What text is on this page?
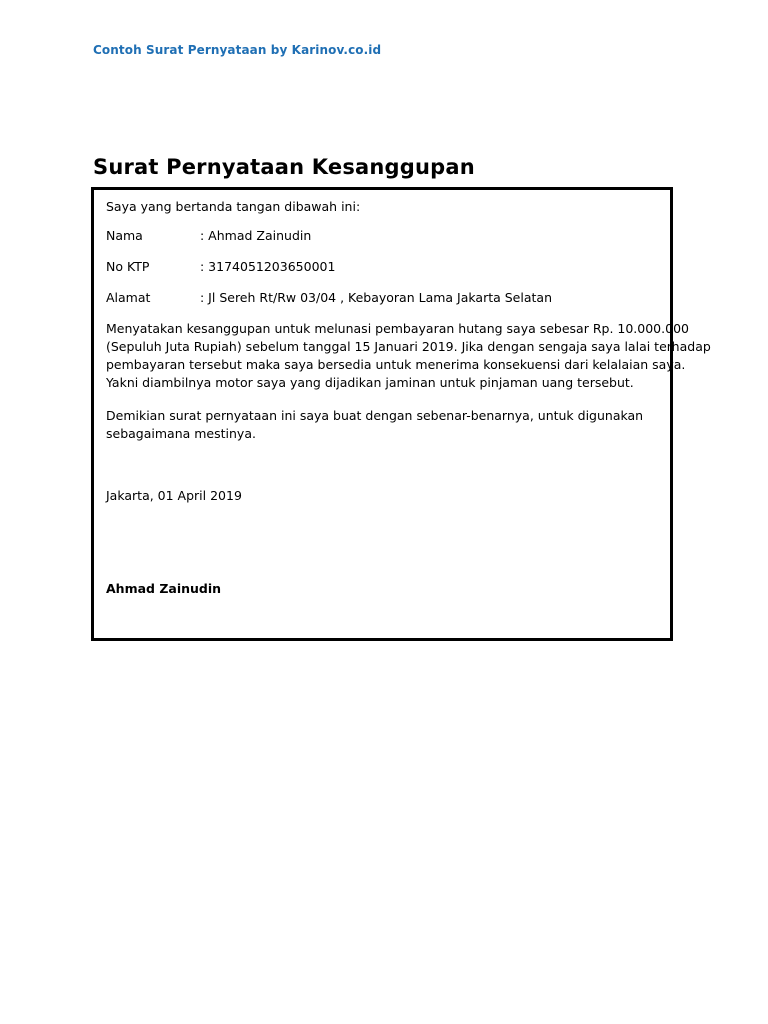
Contoh Surat Pernyataan by Karinov.co.id
Surat Pernyataan Kesanggupan
Saya yang bertanda tangan dibawah ini:
Nama	: Ahmad Zainudin
No KTP	: 3174051203650001
Alamat	: Jl Sereh Rt/Rw 03/04 , Kebayoran Lama Jakarta Selatan

Menyatakan kesanggupan untuk melunasi pembayaran hutang saya sebesar Rp. 10.000.000
(Sepuluh Juta Rupiah) sebelum tanggal 15 Januari 2019. Jika dengan sengaja saya lalai terhadap
pembayaran tersebut maka saya bersedia untuk menerima konsekuensi dari kelalaian saya.
Yakni diambilnya motor saya yang dijadikan jaminan untuk pinjaman uang tersebut.

Demikian surat pernyataan ini saya buat dengan sebenar-benarnya, untuk digunakan
sebagaimana mestinya.

Jakarta, 01 April 2019
Ahmad Zainudin
